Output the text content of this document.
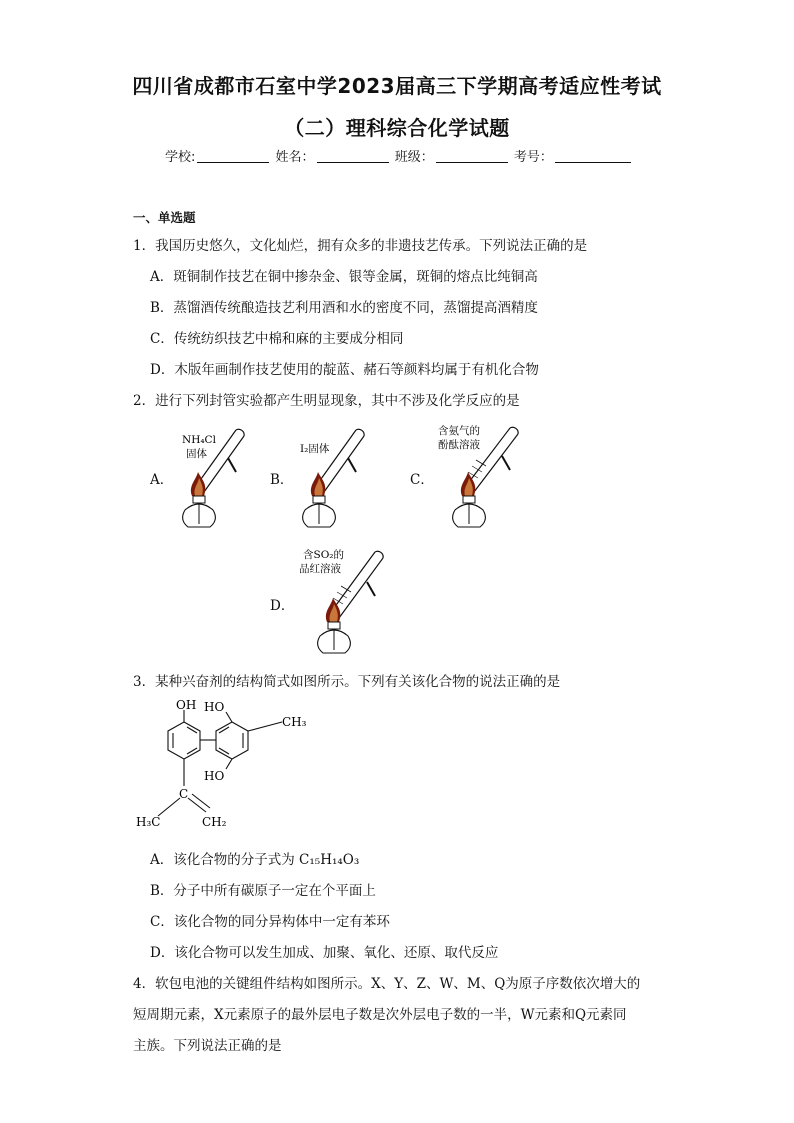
四川省成都市石室中学2023届高三下学期高考适应性考试
（二）理科综合化学试题
学校:	姓名：	班级：	考号：
一、单选题
1．我国历史悠久，文化灿烂，拥有众多的非遗技艺传承。下列说法正确的是
A．斑铜制作技艺在铜中掺杂金、银等金属，斑铜的熔点比纯铜高
B．蒸馏酒传统酿造技艺利用酒和水的密度不同，蒸馏提高酒精度
C．传统纺织技艺中棉和麻的主要成分相同
D．木版年画制作技艺使用的靛蓝、赭石等颜料均属于有机化合物
2．进行下列封管实验都产生明显现象，其中不涉及化学反应的是
A．	B．	C．
D．
NH₄Cl
固体	I₂固体
含氨气的
酚酞溶液
含SO₂的
品红溶液
3．某种兴奋剂的结构简式如图所示。下列有关该化合物的说法正确的是
OH HO
HO
CH₃
C
H₃C	CH₂
A．该化合物的分子式为 C₁₅H₁₄O₃
B．分子中所有碳原子一定在个平面上
C．该化合物的同分异构体中一定有苯环
D．该化合物可以发生加成、加聚、氧化、还原、取代反应
4．软包电池的关键组件结构如图所示。X、Y、Z、W、M、Q为原子序数依次增大的
短周期元素，X元素原子的最外层电子数是次外层电子数的一半，W元素和Q元素同
主族。下列说法正确的是
